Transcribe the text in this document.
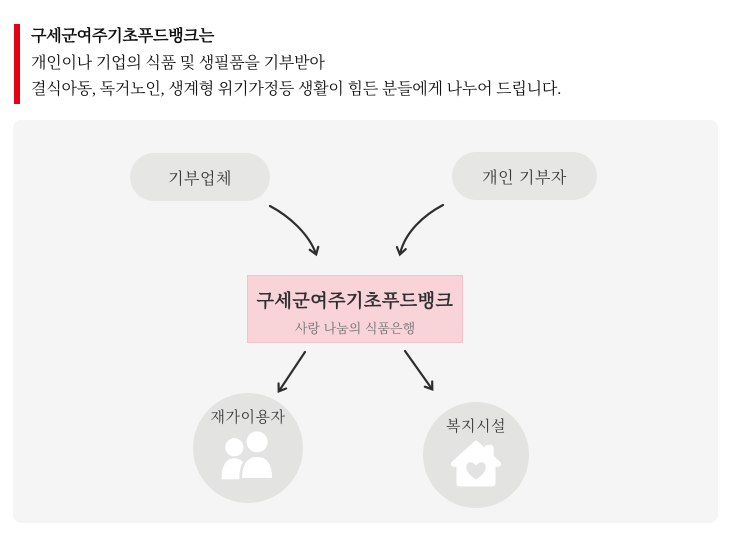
구세군여주기초푸드뱅크는

개인이나 기업의 식품 및 생필품을 기부받아

결식아동, 독거노인, 생계형 위기가정등 생활이 힘든 분들에게 나누어 드립니다.

기부업체	개인 기부자
구세군여주기초푸드뱅크
사랑 나눔의 식품은행
재가이용자
복지시설
